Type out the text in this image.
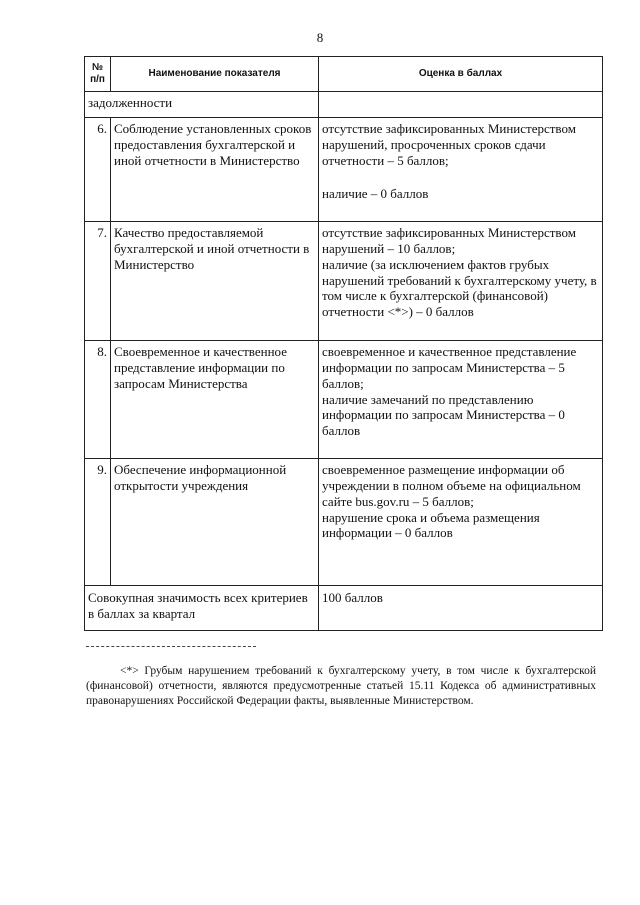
8
№ п/п	Наименование показателя	Оценка в баллах
задолженности		
6.	Соблюдение установленных сроков предоставления бухгалтерской и иной отчетности в Министерство	отсутствие зафиксированных Министерством нарушений, просроченных сроков сдачи отчетности – 5 баллов;
наличие – 0 баллов

7.	Качество предоставляемой бухгалтерской и иной отчетности в Министерство	отсутствие зафиксированных Министерством нарушений – 10 баллов;
наличие (за исключением фактов грубых нарушений требований к бухгалтерскому учету, в том числе к бухгалтерской (финансовой) отчетности <*>) – 0 баллов

8.	Своевременное и качественное представление информации по запросам Министерства	своевременное и качественное представление информации по запросам Министерства – 5 баллов;
наличие замечаний по представлению информации по запросам Министерства – 0 баллов

9.	Обеспечение информационной открытости учреждения	своевременное размещение информации об учреждении в полном объеме на официальном сайте bus.gov.ru – 5 баллов;
нарушение срока и объема размещения информации – 0 баллов

Совокупная значимость всех критериев в баллах за квартал		100 баллов
<*> Грубым нарушением требований к бухгалтерскому учету, в том числе к бухгалтерской (финансовой) отчетности, являются предусмотренные статьей 15.11 Кодекса об административных правонарушениях Российской Федерации факты, выявленные Министерством.
